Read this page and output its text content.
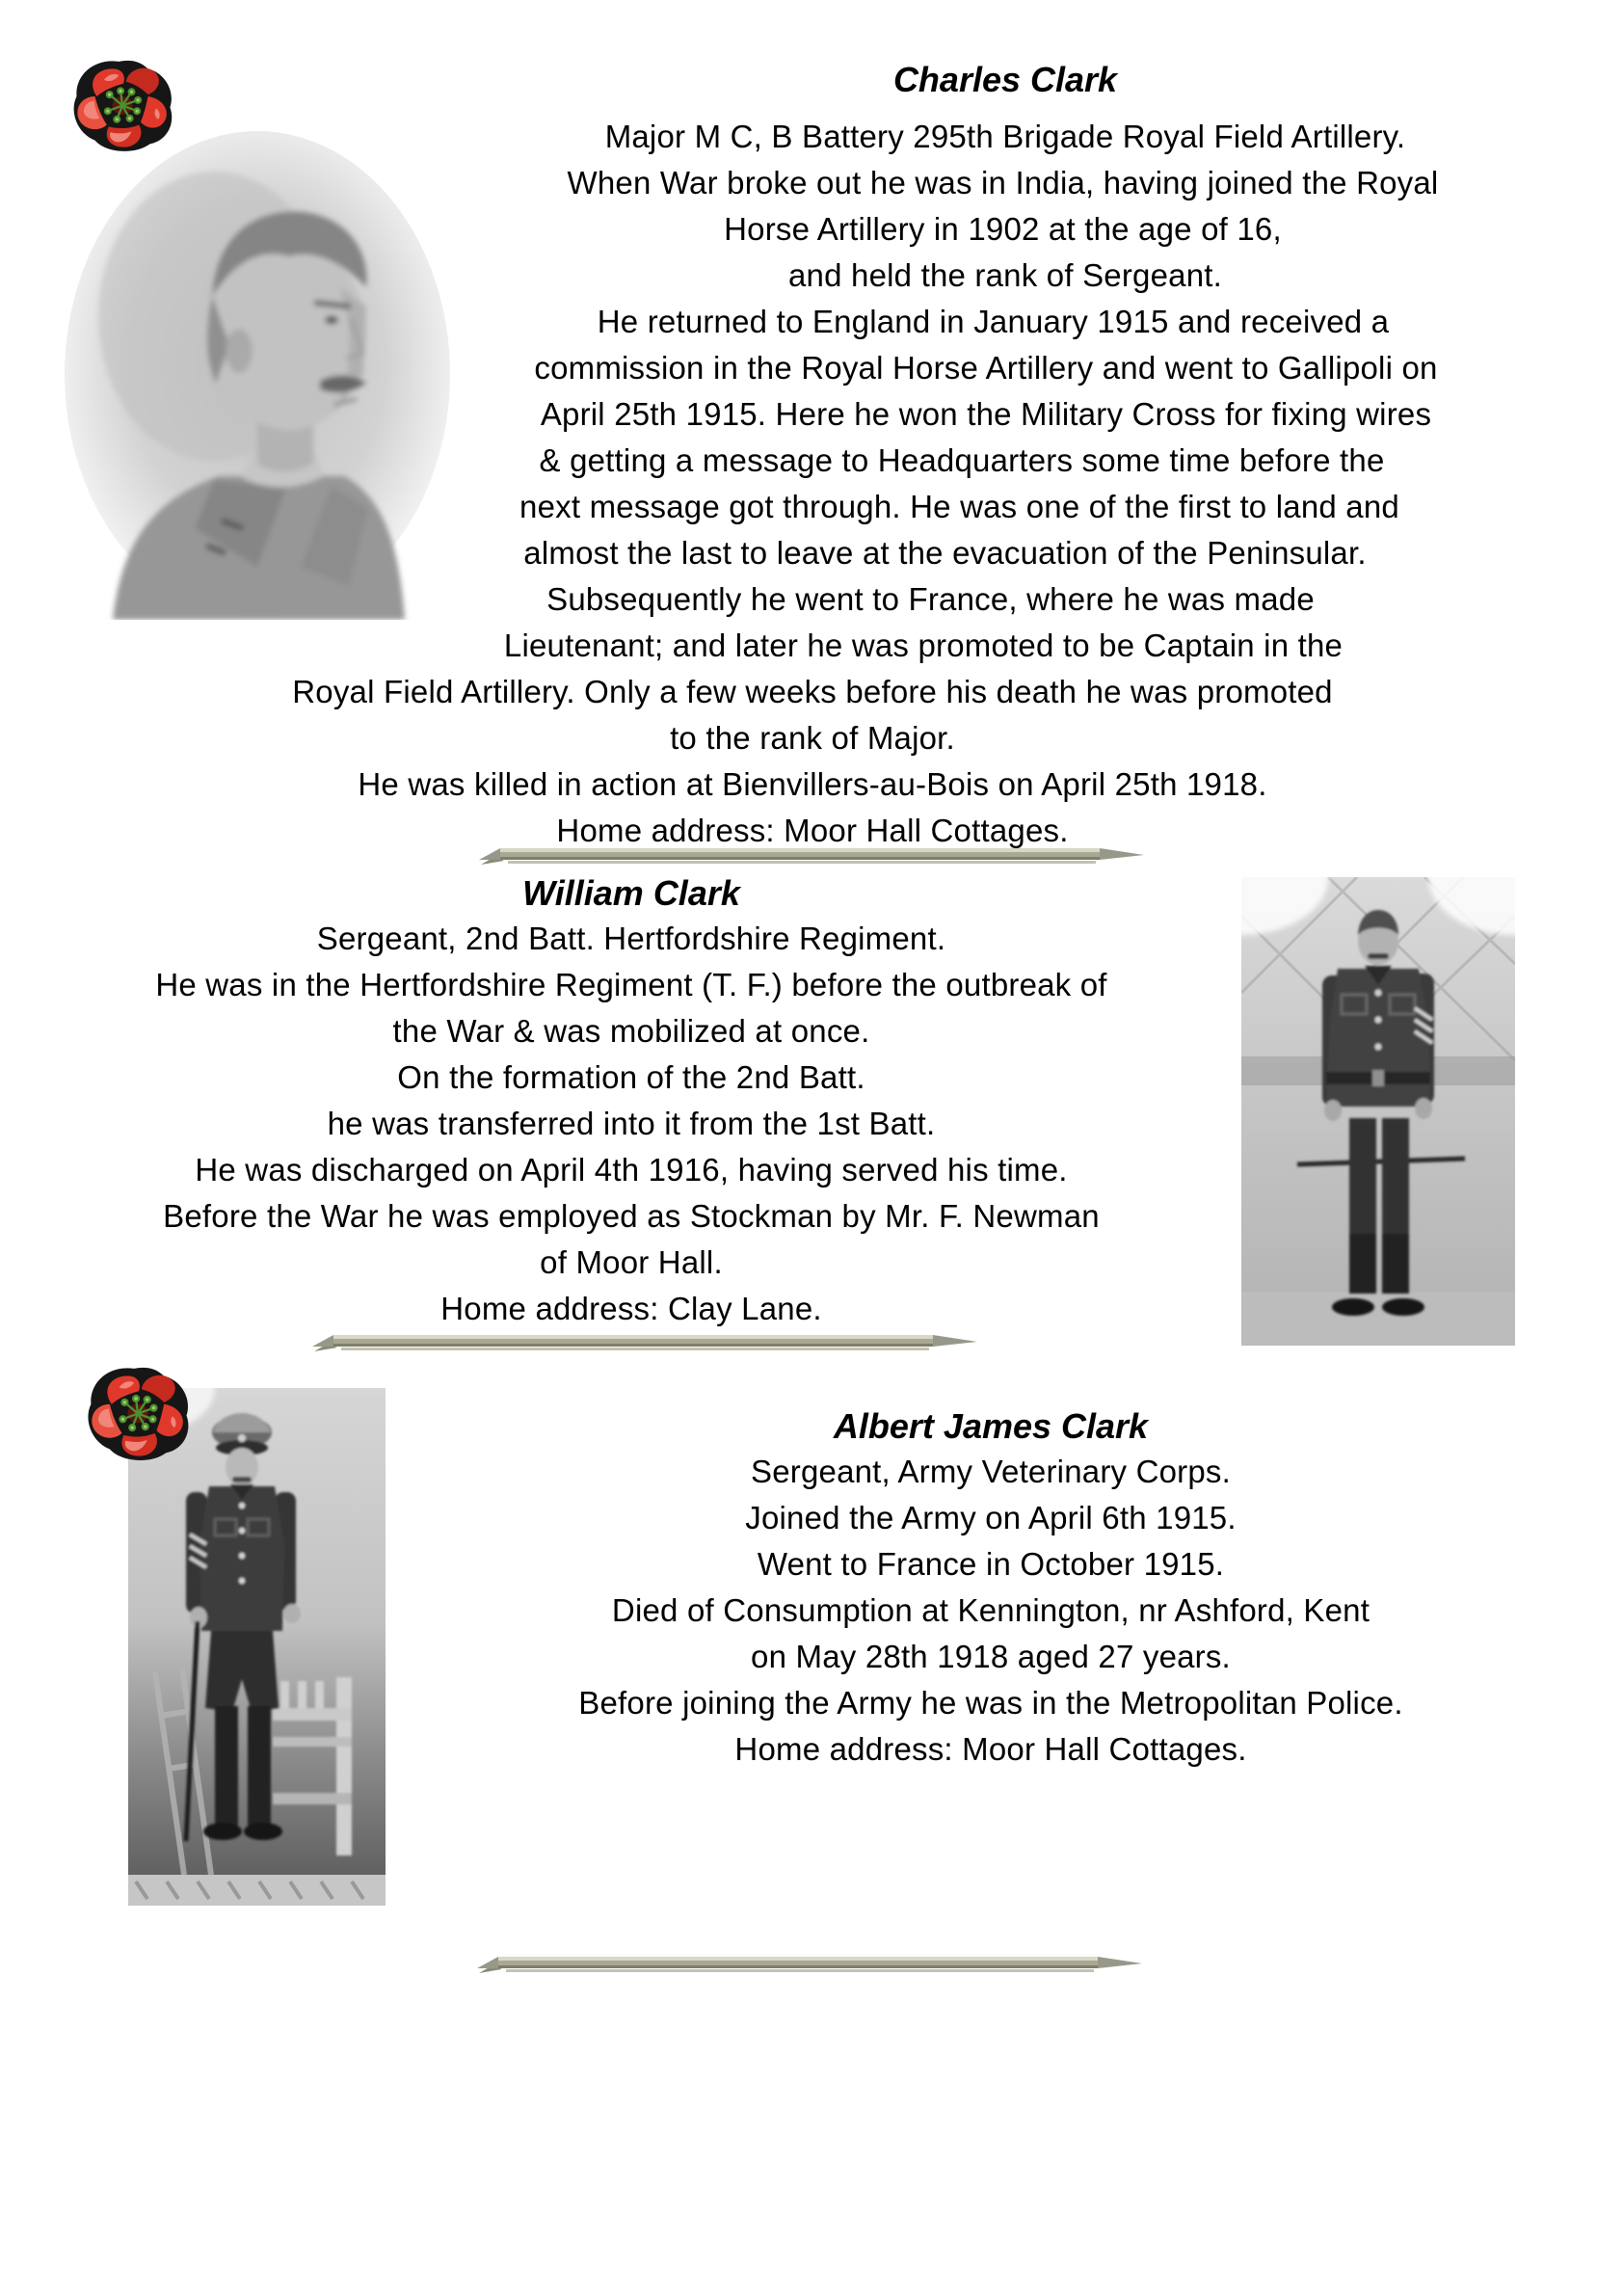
Charles Clark
Major M C, B Battery 295th Brigade Royal Field Artillery.
When War broke out he was in India, having joined the Royal
Horse Artillery in 1902 at the age of 16,
and held the rank of Sergeant.
He returned to England in January 1915 and received a
commission in the Royal Horse Artillery and went to Gallipoli on
April 25th 1915. Here he won the Military Cross for fixing wires
& getting a message to Headquarters some time before the
next message got through. He was one of the first to land and
almost the last to leave at the evacuation of the Peninsular.
Subsequently he went to France, where he was made
Lieutenant; and later he was promoted to be Captain in the
Royal Field Artillery. Only a few weeks before his death he was promoted
to the rank of Major.
He was killed in action at Bienvillers-au-Bois on April 25th 1918.
Home address: Moor Hall Cottages.
William Clark
Sergeant, 2nd Batt. Hertfordshire Regiment.
He was in the Hertfordshire Regiment (T. F.) before the outbreak of
the War & was mobilized at once.
On the formation of the 2nd Batt.
he was transferred into it from the 1st Batt.
He was discharged on April 4th 1916, having served his time.
Before the War he was employed as Stockman by Mr. F. Newman
of Moor Hall.
Home address: Clay Lane.
Albert James Clark
Sergeant, Army Veterinary Corps.
Joined the Army on April 6th 1915.
Went to France in October 1915.
Died of Consumption at Kennington, nr Ashford, Kent
on May 28th 1918 aged 27 years.
Before joining the Army he was in the Metropolitan Police.
Home address: Moor Hall Cottages.
